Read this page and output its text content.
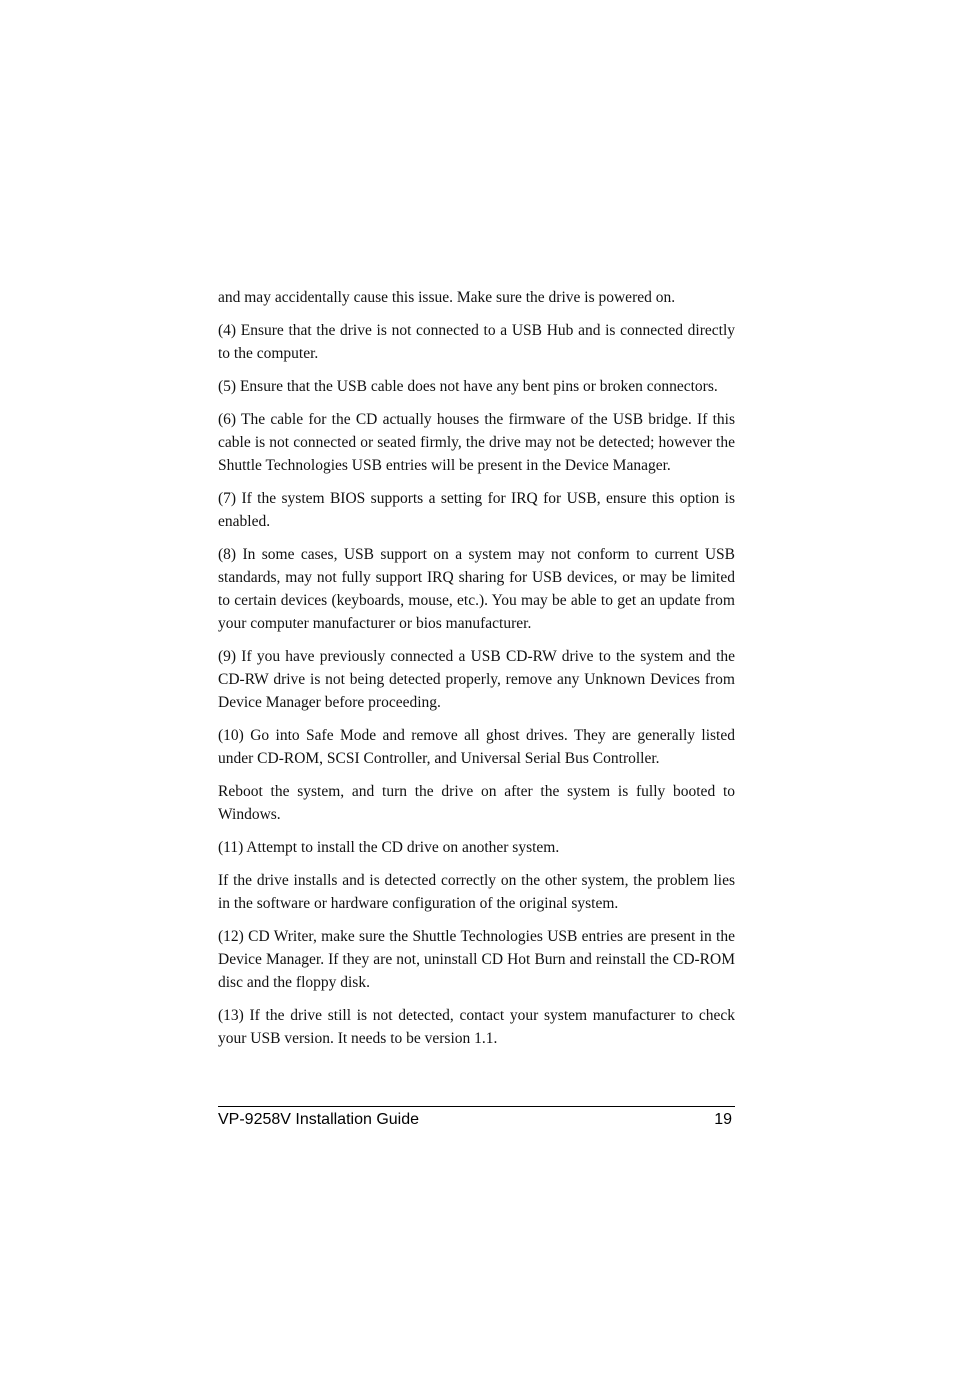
and may accidentally cause this issue. Make sure the drive is powered on.

(4) Ensure that the drive is not connected to a USB Hub and is connected directly to the computer.

(5) Ensure that the USB cable does not have any bent pins or broken connectors.

(6) The cable for the CD actually houses the firmware of the USB bridge. If this cable is not connected or seated firmly, the drive may not be detected; however the Shuttle Technologies USB entries will be present in the Device Manager.

(7) If the system BIOS supports a setting for IRQ for USB, ensure this option is enabled.

(8) In some cases, USB support on a system may not conform to current USB standards, may not fully support IRQ sharing for USB devices, or may be limited to certain devices (keyboards, mouse, etc.). You may be able to get an update from your computer manufacturer or bios manufacturer.

(9) If you have previously connected a USB CD-RW drive to the system and the CD-RW drive is not being detected properly, remove any Unknown Devices from Device Manager before proceeding.

(10) Go into Safe Mode and remove all ghost drives. They are generally listed under CD-ROM, SCSI Controller, and Universal Serial Bus Controller.

Reboot the system, and turn the drive on after the system is fully booted to Windows.

(11) Attempt to install the CD drive on another system.

If the drive installs and is detected correctly on the other system, the problem lies in the software or hardware configuration of the original system.

(12) CD Writer, make sure the Shuttle Technologies USB entries are present in the Device Manager. If they are not, uninstall CD Hot Burn and reinstall the CD-ROM disc and the floppy disk.

(13) If the drive still is not detected, contact your system manufacturer to check your USB version. It needs to be version 1.1.

VP-9258V Installation Guide	19
